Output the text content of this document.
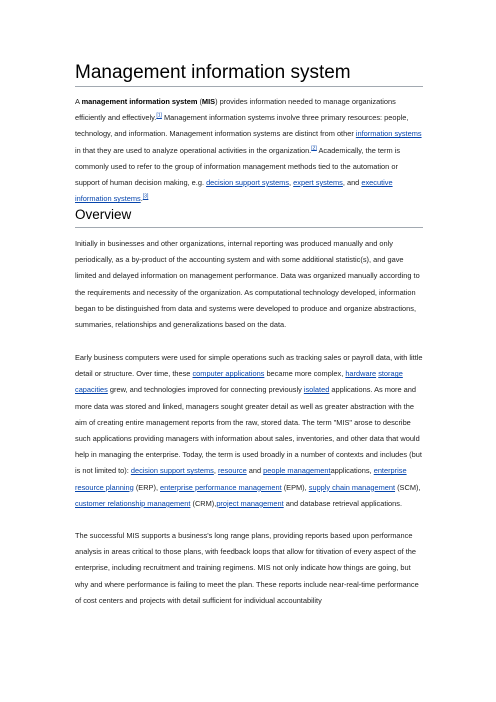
Management information system

A management information system (MIS) provides information needed to manage organizations efficiently and effectively.[1] Management information systems involve three primary resources: people, technology, and information. Management information systems are distinct from other information systems in that they are used to analyze operational activities in the organization.[2] Academically, the term is commonly used to refer to the group of information management methods tied to the automation or support of human decision making, e.g. decision support systems, expert systems, and executive information systems.[3]

Overview

Initially in businesses and other organizations, internal reporting was produced manually and only periodically, as a by-product of the accounting system and with some additional statistic(s), and gave limited and delayed information on management performance. Data was organized manually according to the requirements and necessity of the organization. As computational technology developed, information began to be distinguished from data and systems were developed to produce and organize abstractions, summaries, relationships and generalizations based on the data.

Early business computers were used for simple operations such as tracking sales or payroll data, with little detail or structure. Over time, these computer applications became more complex, hardware storage capacities grew, and technologies improved for connecting previously isolated applications. As more and more data was stored and linked, managers sought greater detail as well as greater abstraction with the aim of creating entire management reports from the raw, stored data. The term "MIS" arose to describe such applications providing managers with information about sales, inventories, and other data that would help in managing the enterprise. Today, the term is used broadly in a number of contexts and includes (but is not limited to): decision support systems, resource and people managementapplications, enterprise resource planning (ERP), enterprise performance management (EPM), supply chain management (SCM), customer relationship management (CRM),project management and database retrieval applications.

The successful MIS supports a business's long range plans, providing reports based upon performance analysis in areas critical to those plans, with feedback loops that allow for titivation of every aspect of the enterprise, including recruitment and training regimens. MIS not only indicate how things are going, but why and where performance is failing to meet the plan. These reports include near-real-time performance of cost centers and projects with detail sufficient for individual accountability
